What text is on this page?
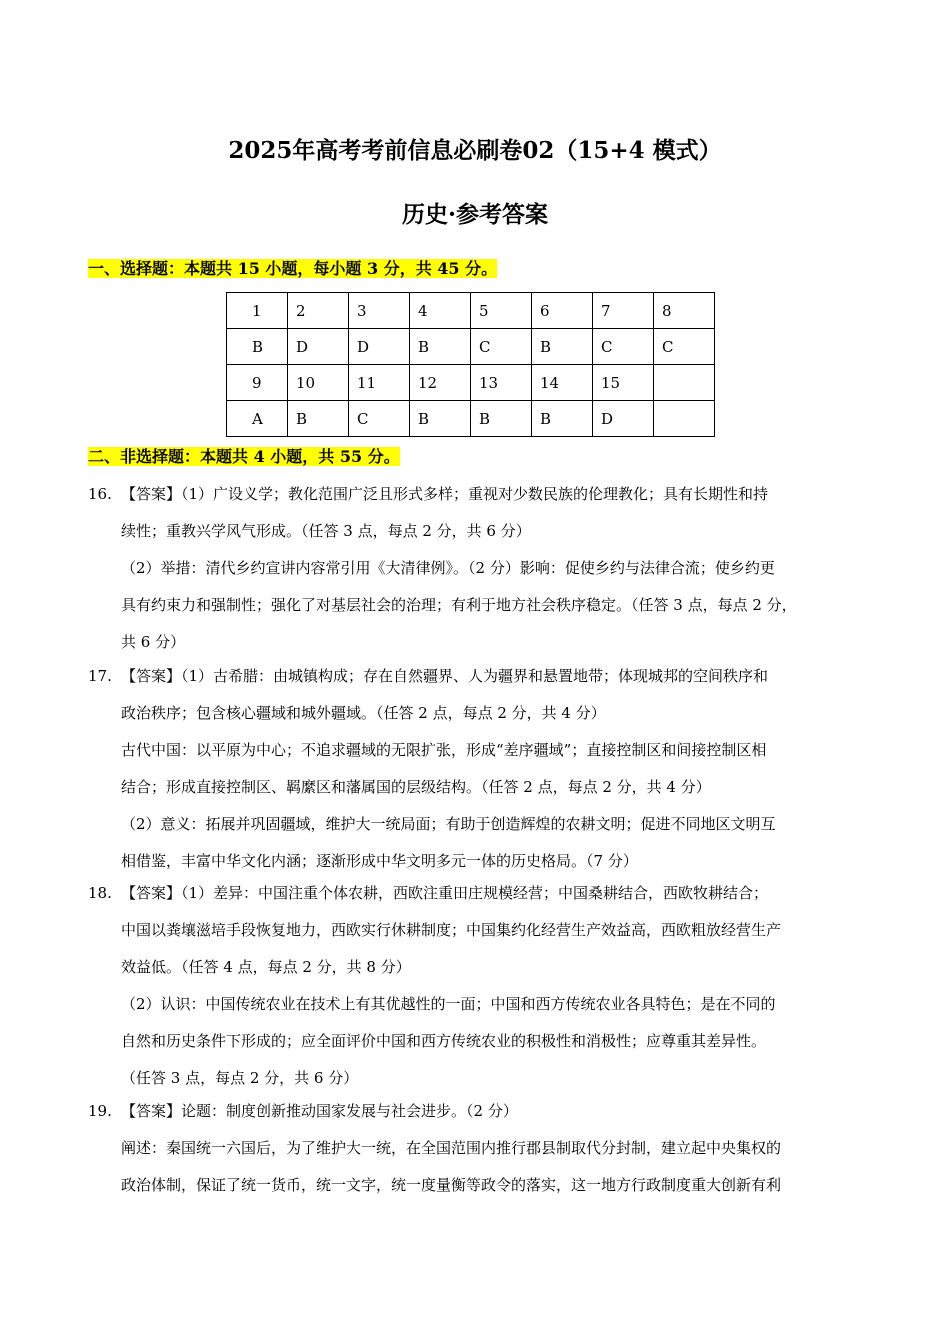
2025年高考考前信息必刷卷02（15+4 模式）
历史·参考答案
一、选择题：本题共 15 小题，每小题 3 分，共 45 分。
1	2	3	4	5	6	7	8
B	D	D	B	C	B	C	C
9	10	11	12	13	14	15	
A	B	C	B	B	B	D	
二、非选择题：本题共 4 小题，共 55 分。
16. 【答案】（1）广设义学；教化范围广泛且形式多样；重视对少数民族的伦理教化；具有长期性和持

续性；重教兴学风气形成。（任答 3 点，每点 2 分，共 6 分）

（2）举措：清代乡约宣讲内容常引用《大清律例》。（2 分）影响：促使乡约与法律合流；使乡约更

具有约束力和强制性；强化了对基层社会的治理；有利于地方社会秩序稳定。（任答 3 点，每点 2 分，

共 6 分）

17. 【答案】（1）古希腊：由城镇构成；存在自然疆界、人为疆界和悬置地带；体现城邦的空间秩序和

政治秩序；包含核心疆域和城外疆域。（任答 2 点，每点 2 分，共 4 分）

古代中国：以平原为中心；不追求疆域的无限扩张，形成“差序疆域”；直接控制区和间接控制区相

结合；形成直接控制区、羁縻区和藩属国的层级结构。（任答 2 点，每点 2 分，共 4 分）

（2）意义：拓展并巩固疆域，维护大一统局面；有助于创造辉煌的农耕文明；促进不同地区文明互

相借鉴，丰富中华文化内涵；逐渐形成中华文明多元一体的历史格局。（7 分）

18. 【答案】（1）差异：中国注重个体农耕，西欧注重田庄规模经营；中国桑耕结合，西欧牧耕结合；

中国以粪壤滋培手段恢复地力，西欧实行休耕制度；中国集约化经营生产效益高，西欧粗放经营生产

效益低。（任答 4 点，每点 2 分，共 8 分）

（2）认识：中国传统农业在技术上有其优越性的一面；中国和西方传统农业各具特色；是在不同的

自然和历史条件下形成的；应全面评价中国和西方传统农业的积极性和消极性；应尊重其差异性。

（任答 3 点，每点 2 分，共 6 分）

19. 【答案】论题：制度创新推动国家发展与社会进步。（2 分）

阐述：秦国统一六国后，为了维护大一统，在全国范围内推行郡县制取代分封制，建立起中央集权的

政治体制，保证了统一货币，统一文字，统一度量衡等政令的落实，这一地方行政制度重大创新有利
